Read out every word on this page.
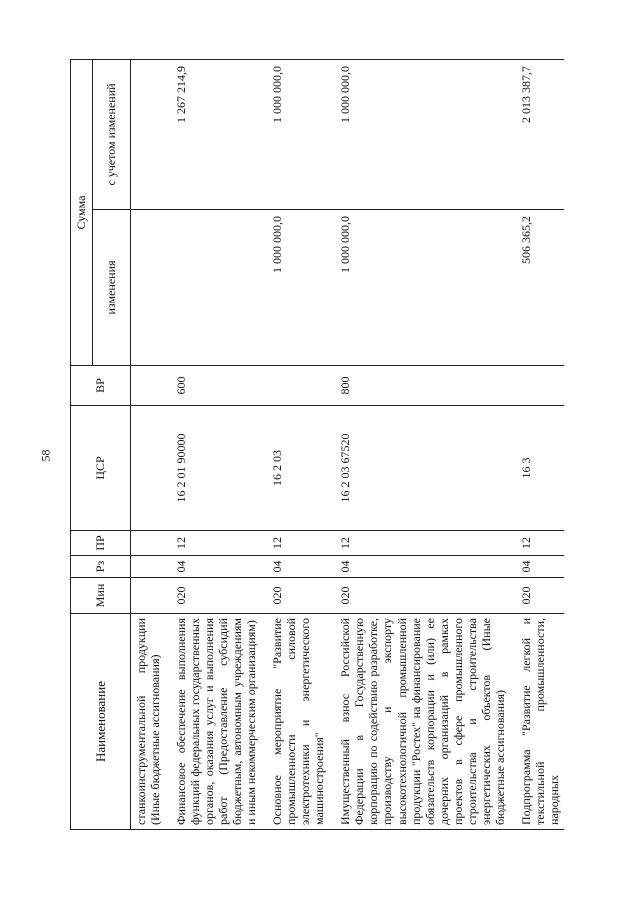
58
Наименование	Мин	Рз	ПР	ЦСР	ВР	Сумма	
						изменения	с учетом изменений
станкоинструментальной продукции (Иные бюджетные ассигнования)							
Финансовое обеспечение выполнения функций федеральных государственных органов, оказания услуг и выполнения работ (Предоставление субсидий бюджетным, автономным учреждениям и иным некоммерческим организациям)	020	04	12	16 2 01 90000	600		1 267 214,9
Основное мероприятие "Развитие промышленности силовой электротехники и энергетического машиностроения"	020	04	12	16 2 03		1 000 000,0	1 000 000,0
Имущественный взнос Российской Федерации в Государственную корпорацию по содействию разработке, производству и экспорту высокотехнологичной промышленной продукции "Ростех" на финансирование обязательств корпорации и (или) ее дочерних организаций в рамках проектов в сфере промышленного строительства и строительства энергетических объектов (Иные бюджетные ассигнования)	020	04	12	16 2 03 67520	800	1 000 000,0	1 000 000,0
Подпрограмма "Развитие легкой и текстильной промышленности, народных	020	04	12	16 3		506 365,2	2 013 387,7
